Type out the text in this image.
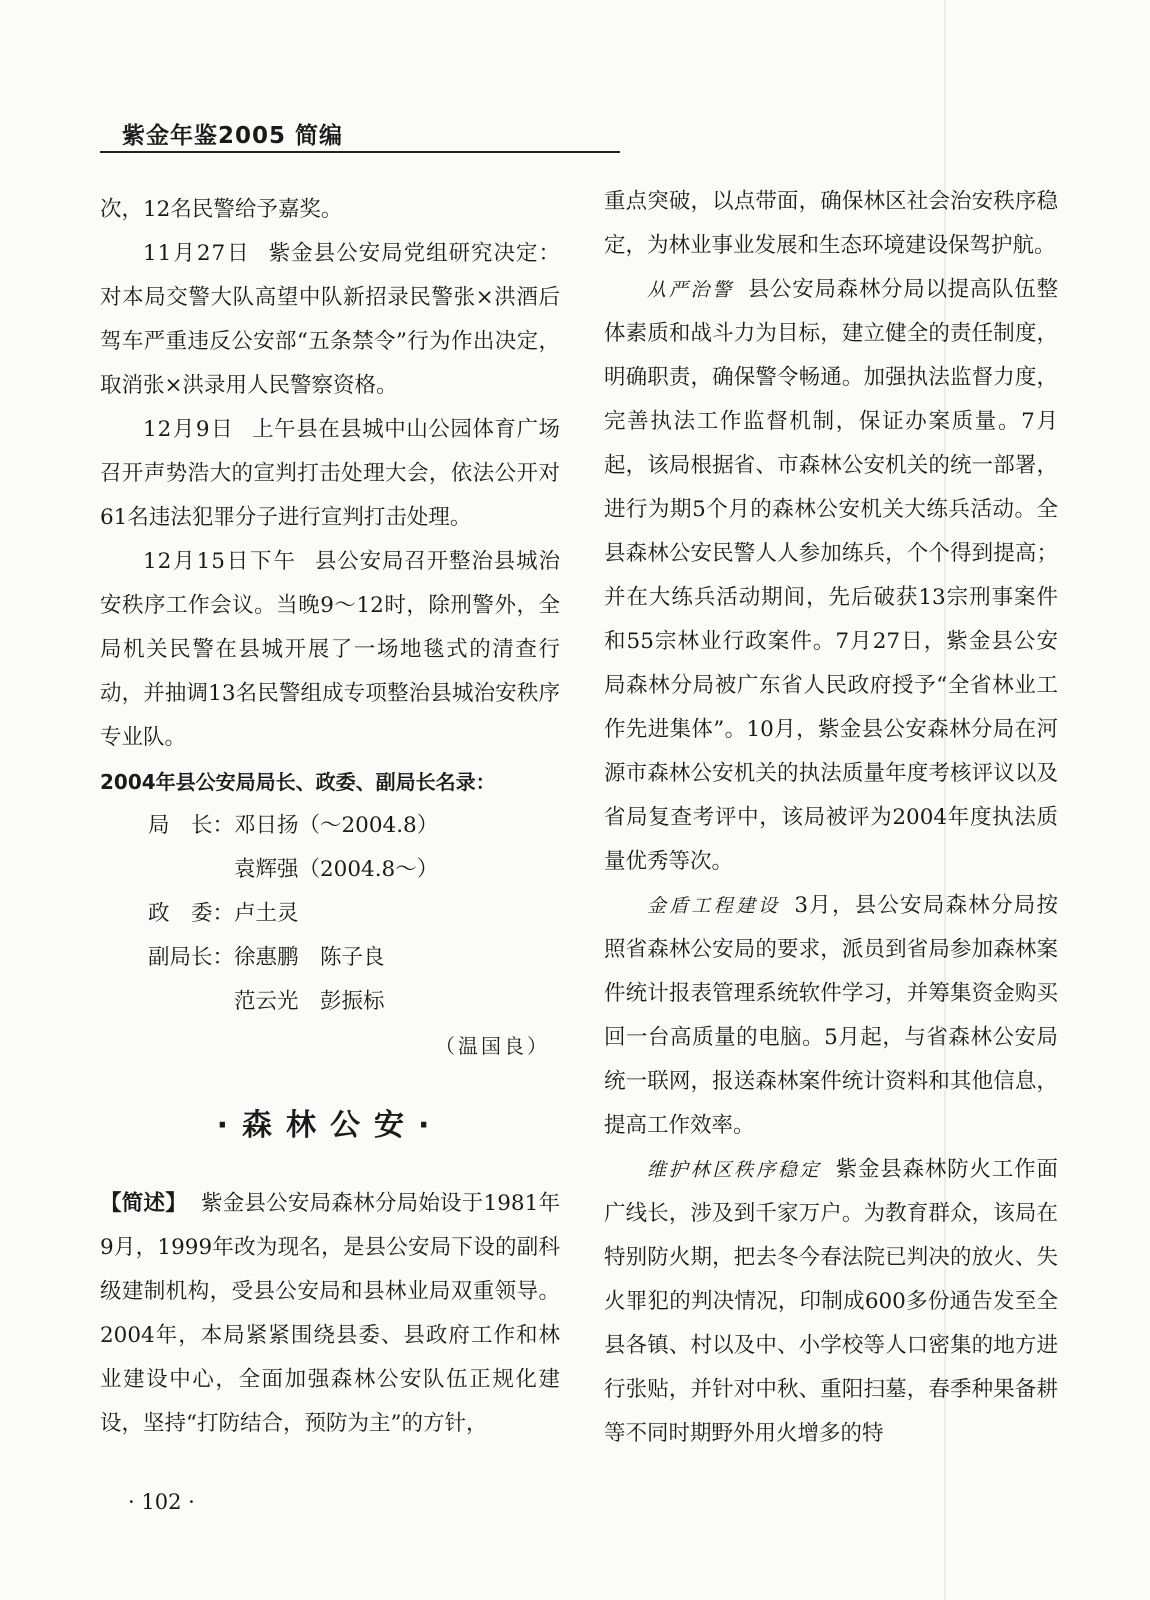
紫金年鉴2005 简编

次，12名民警给予嘉奖。

11月27日 紫金县公安局党组研究决定：对本局交警大队高望中队新招录民警张×洪酒后驾车严重违反公安部“五条禁令”行为作出决定，取消张×洪录用人民警察资格。

12月9日 上午县在县城中山公园体育广场召开声势浩大的宣判打击处理大会，依法公开对61名违法犯罪分子进行宣判打击处理。

12月15日下午 县公安局召开整治县城治安秩序工作会议。当晚9～12时，除刑警外，全局机关民警在县城开展了一场地毯式的清查行动，并抽调13名民警组成专项整治县城治安秩序专业队。

2004年县公安局局长、政委、副局长名录：

局　长：邓日扬（～2004.8）

　　　　袁辉强（2004.8～）

政　委：卢土灵

副局长：徐惠鹏　陈子良

　　　　范云光　彭振标

（温国良）

·森林公安·

【简述】 紫金县公安局森林分局始设于1981年9月，1999年改为现名，是县公安局下设的副科级建制机构，受县公安局和县林业局双重领导。2004年，本局紧紧围绕县委、县政府工作和林业建设中心，全面加强森林公安队伍正规化建设，坚持“打防结合，预防为主”的方针，

重点突破，以点带面，确保林区社会治安秩序稳定，为林业事业发展和生态环境建设保驾护航。

从严治警 县公安局森林分局以提高队伍整体素质和战斗力为目标，建立健全的责任制度，明确职责，确保警令畅通。加强执法监督力度，完善执法工作监督机制，保证办案质量。7月起，该局根据省、市森林公安机关的统一部署，进行为期5个月的森林公安机关大练兵活动。全县森林公安民警人人参加练兵，个个得到提高；并在大练兵活动期间，先后破获13宗刑事案件和55宗林业行政案件。7月27日，紫金县公安局森林分局被广东省人民政府授予“全省林业工作先进集体”。10月，紫金县公安森林分局在河源市森林公安机关的执法质量年度考核评议以及省局复查考评中，该局被评为2004年度执法质量优秀等次。

金盾工程建设 3月，县公安局森林分局按照省森林公安局的要求，派员到省局参加森林案件统计报表管理系统软件学习，并筹集资金购买回一台高质量的电脑。5月起，与省森林公安局统一联网，报送森林案件统计资料和其他信息，提高工作效率。

维护林区秩序稳定 紫金县森林防火工作面广线长，涉及到千家万户。为教育群众，该局在特别防火期，把去冬今春法院已判决的放火、失火罪犯的判决情况，印制成600多份通告发至全县各镇、村以及中、小学校等人口密集的地方进行张贴，并针对中秋、重阳扫墓，春季种果备耕等不同时期野外用火增多的特

· 102 ·
